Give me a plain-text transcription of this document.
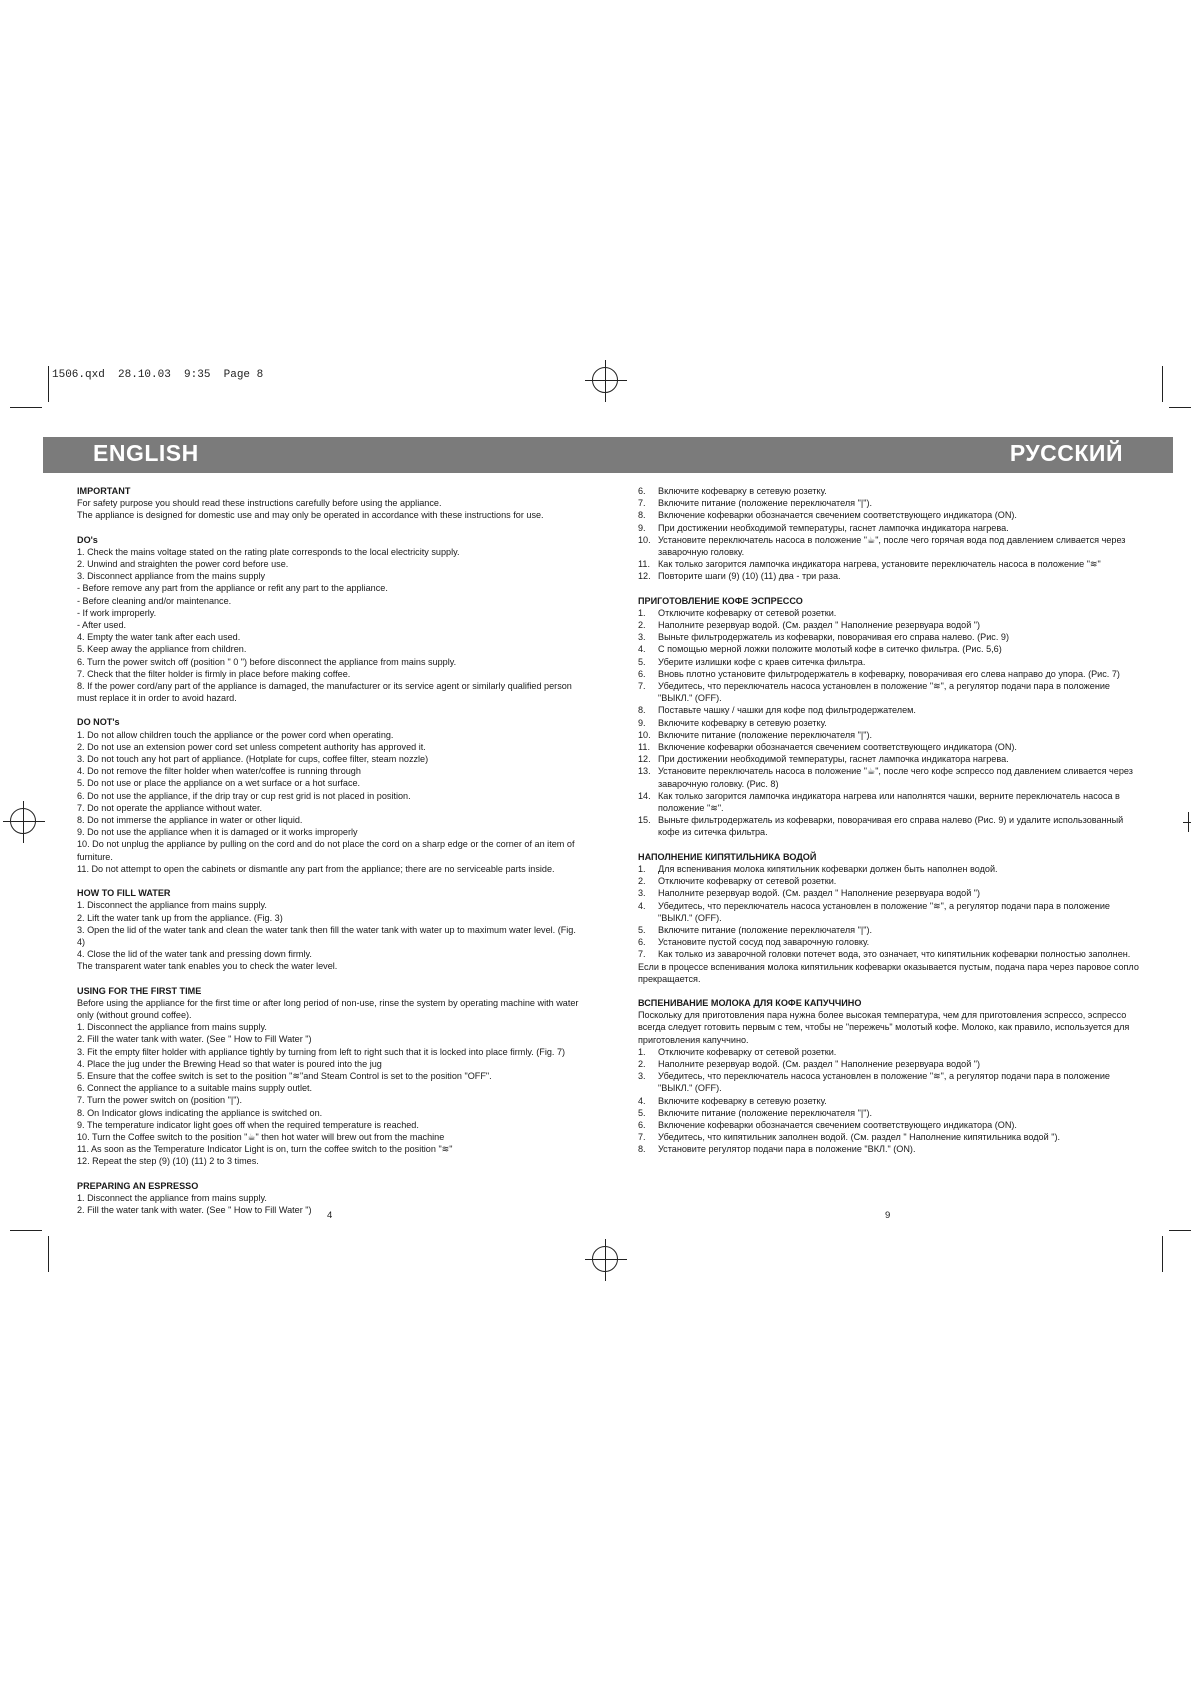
1506.qxd  28.10.03  9:35  Page 8
ENGLISH	РУССКИЙ

IMPORTANT

For safety purpose you should read these instructions carefully before using the appliance.

The appliance is designed for domestic use and may only be operated in accordance with these instructions for use.

DO's

1. Check the mains voltage stated on the rating plate corresponds to the local electricity supply.

2. Unwind and straighten the power cord before use.

3. Disconnect appliance from the mains supply

- Before remove any part from the appliance or refit any part to the appliance.

- Before cleaning and/or maintenance.

- If work improperly.

- After used.

4. Empty the water tank after each used.

5. Keep away the appliance from children.

6. Turn the power switch off (position " 0 ") before disconnect the appliance from mains supply.

7. Check that the filter holder is firmly in place before making coffee.

8. If the power cord/any part of the appliance is damaged, the manufacturer or its service agent or similarly qualified person must replace it in order to avoid hazard.

DO NOT's

1. Do not allow children touch the appliance or the power cord when operating.

2. Do not use an extension power cord set unless competent authority has approved it.

3. Do not touch any hot part of appliance. (Hotplate for cups, coffee filter, steam nozzle)

4. Do not remove the filter holder when water/coffee is running through

5. Do not use or place the appliance on a wet surface or a hot surface.

6. Do not use the appliance, if the drip tray or cup rest grid is not placed in position.

7. Do not operate the appliance without water.

8. Do not immerse the appliance in water or other liquid.

9. Do not use the appliance when it is damaged or it works improperly

10. Do not unplug the appliance by pulling on the cord and do not place the cord on a sharp edge or the corner of an item of furniture.

11. Do not attempt to open the cabinets or dismantle any part from the appliance; there are no serviceable parts inside.

HOW TO FILL WATER

1. Disconnect the appliance from mains supply.

2. Lift the water tank up from the appliance. (Fig. 3)

3. Open the lid of the water tank and clean the water tank then fill the water tank with water up to maximum water level. (Fig. 4)

4. Close the lid of the water tank and pressing down firmly.

The transparent water tank enables you to check the water level.

USING FOR THE FIRST TIME

Before using the appliance for the first time or after long period of non-use, rinse the system by operating machine with water only (without ground coffee).

1. Disconnect the appliance from mains supply.

2. Fill the water tank with water. (See " How to Fill Water ")

3. Fit the empty filter holder with appliance tightly by turning from left to right such that it is locked into place firmly. (Fig. 7)

4. Place the jug under the Brewing Head so that water is poured into the jug

5. Ensure that the coffee switch is set to the position "≋"and Steam Control is set to the position "OFF".

6. Connect the appliance to a suitable mains supply outlet.

7. Turn the power switch on (position "|").

8. On Indicator glows indicating the appliance is switched on.

9. The temperature indicator light goes off when the required temperature is reached.

10. Turn the Coffee switch to the position "☕" then hot water will brew out from the machine

11. As soon as the Temperature Indicator Light is on, turn the coffee switch to the position "≋"

12. Repeat the step (9) (10) (11) 2 to 3 times.

PREPARING AN ESPRESSO

1. Disconnect the appliance from mains supply.

2. Fill the water tank with water. (See " How to Fill Water ")

4
6.	Включите кофеварку в сетевую розетку.
7.	Включите питание (положение переключателя "|").
8.	Включение кофеварки обозначается свечением соответствующего индикатора (ON).
9.	При достижении необходимой температуры, гаснет лампочка индикатора нагрева.
10. Установите переключатель насоса в положение "☕", после чего горячая вода под давлением сливается через заварочную головку.
11. Как только загорится лампочка индикатора нагрева, установите переключатель насоса в положение "≋"
12. Повторите шаги (9) (10) (11) два - три раза.

ПРИГОТОВЛЕНИЕ КОФЕ ЭСПРЕССО

1.	Отключите кофеварку от сетевой розетки.
2.	Наполните резервуар водой. (См. раздел " Наполнение резервуара водой ")
3.	Выньте фильтродержатель из кофеварки, поворачивая его справа налево. (Рис. 9)
4.	С помощью мерной ложки положите молотый кофе в ситечко фильтра. (Рис. 5,6)
5.	Уберите излишки кофе с краев ситечка фильтра.
6.	Вновь плотно установите фильтродержатель в кофеварку, поворачивая его слева направо до упора. (Рис. 7)
7.	Убедитесь, что переключатель насоса установлен в положение "≋", а регулятор подачи пара в положение "ВЫКЛ." (OFF).
8.	Поставьте чашку / чашки для кофе под фильтродержателем.
9.	Включите кофеварку в сетевую розетку.
10. Включите питание (положение переключателя "|").
11. Включение кофеварки обозначается свечением соответствующего индикатора (ON).
12. При достижении необходимой температуры, гаснет лампочка индикатора нагрева.
13. Установите переключатель насоса в положение "☕", после чего кофе эспрессо под давлением сливается через заварочную головку. (Рис. 8)
14. Как только загорится лампочка индикатора нагрева или наполнятся чашки, верните переключатель насоса в положение "≋".
15. Выньте фильтродержатель из кофеварки, поворачивая его справа налево (Рис. 9) и удалите использованный кофе из ситечка фильтра.

НАПОЛНЕНИЕ КИПЯТИЛЬНИКА ВОДОЙ

1.	Для вспенивания молока кипятильник кофеварки должен быть наполнен водой.
2.	Отключите кофеварку от сетевой розетки.
3.	Наполните резервуар водой. (См. раздел " Наполнение резервуара водой ")
4.	Убедитесь, что переключатель насоса установлен в положение "≋", а регулятор подачи пара в положение "ВЫКЛ." (OFF).
5.	Включите питание (положение переключателя "|").
6.	Установите пустой сосуд под заварочную головку.
7.	Как только из заварочной головки потечет вода, это означает, что кипятильник кофеварки полностью заполнен.

Если в процессе вспенивания молока кипятильник кофеварки оказывается пустым, подача пара через паровое сопло прекращается.

ВСПЕНИВАНИЕ МОЛОКА ДЛЯ КОФЕ КАПУЧЧИНО

Поскольку для приготовления пара нужна более высокая температура, чем для приготовления эспрессо, эспрессо всегда следует готовить первым с тем, чтобы не "пережечь" молотый кофе. Молоко, как правило, используется для приготовления капуччино.

1.	Отключите кофеварку от сетевой розетки.
2.	Наполните резервуар водой. (См. раздел " Наполнение резервуара водой ")
3.	Убедитесь, что переключатель насоса установлен в положение "≋", а регулятор подачи пара в положение "ВЫКЛ." (OFF).
4.	Включите кофеварку в сетевую розетку.
5.	Включите питание (положение переключателя "|").
6.	Включение кофеварки обозначается свечением соответствующего индикатора (ON).
7.	Убедитесь, что кипятильник заполнен водой. (См. раздел " Наполнение кипятильника водой ").
8.	Установите регулятор подачи пара в положение "ВКЛ." (ON).
9
